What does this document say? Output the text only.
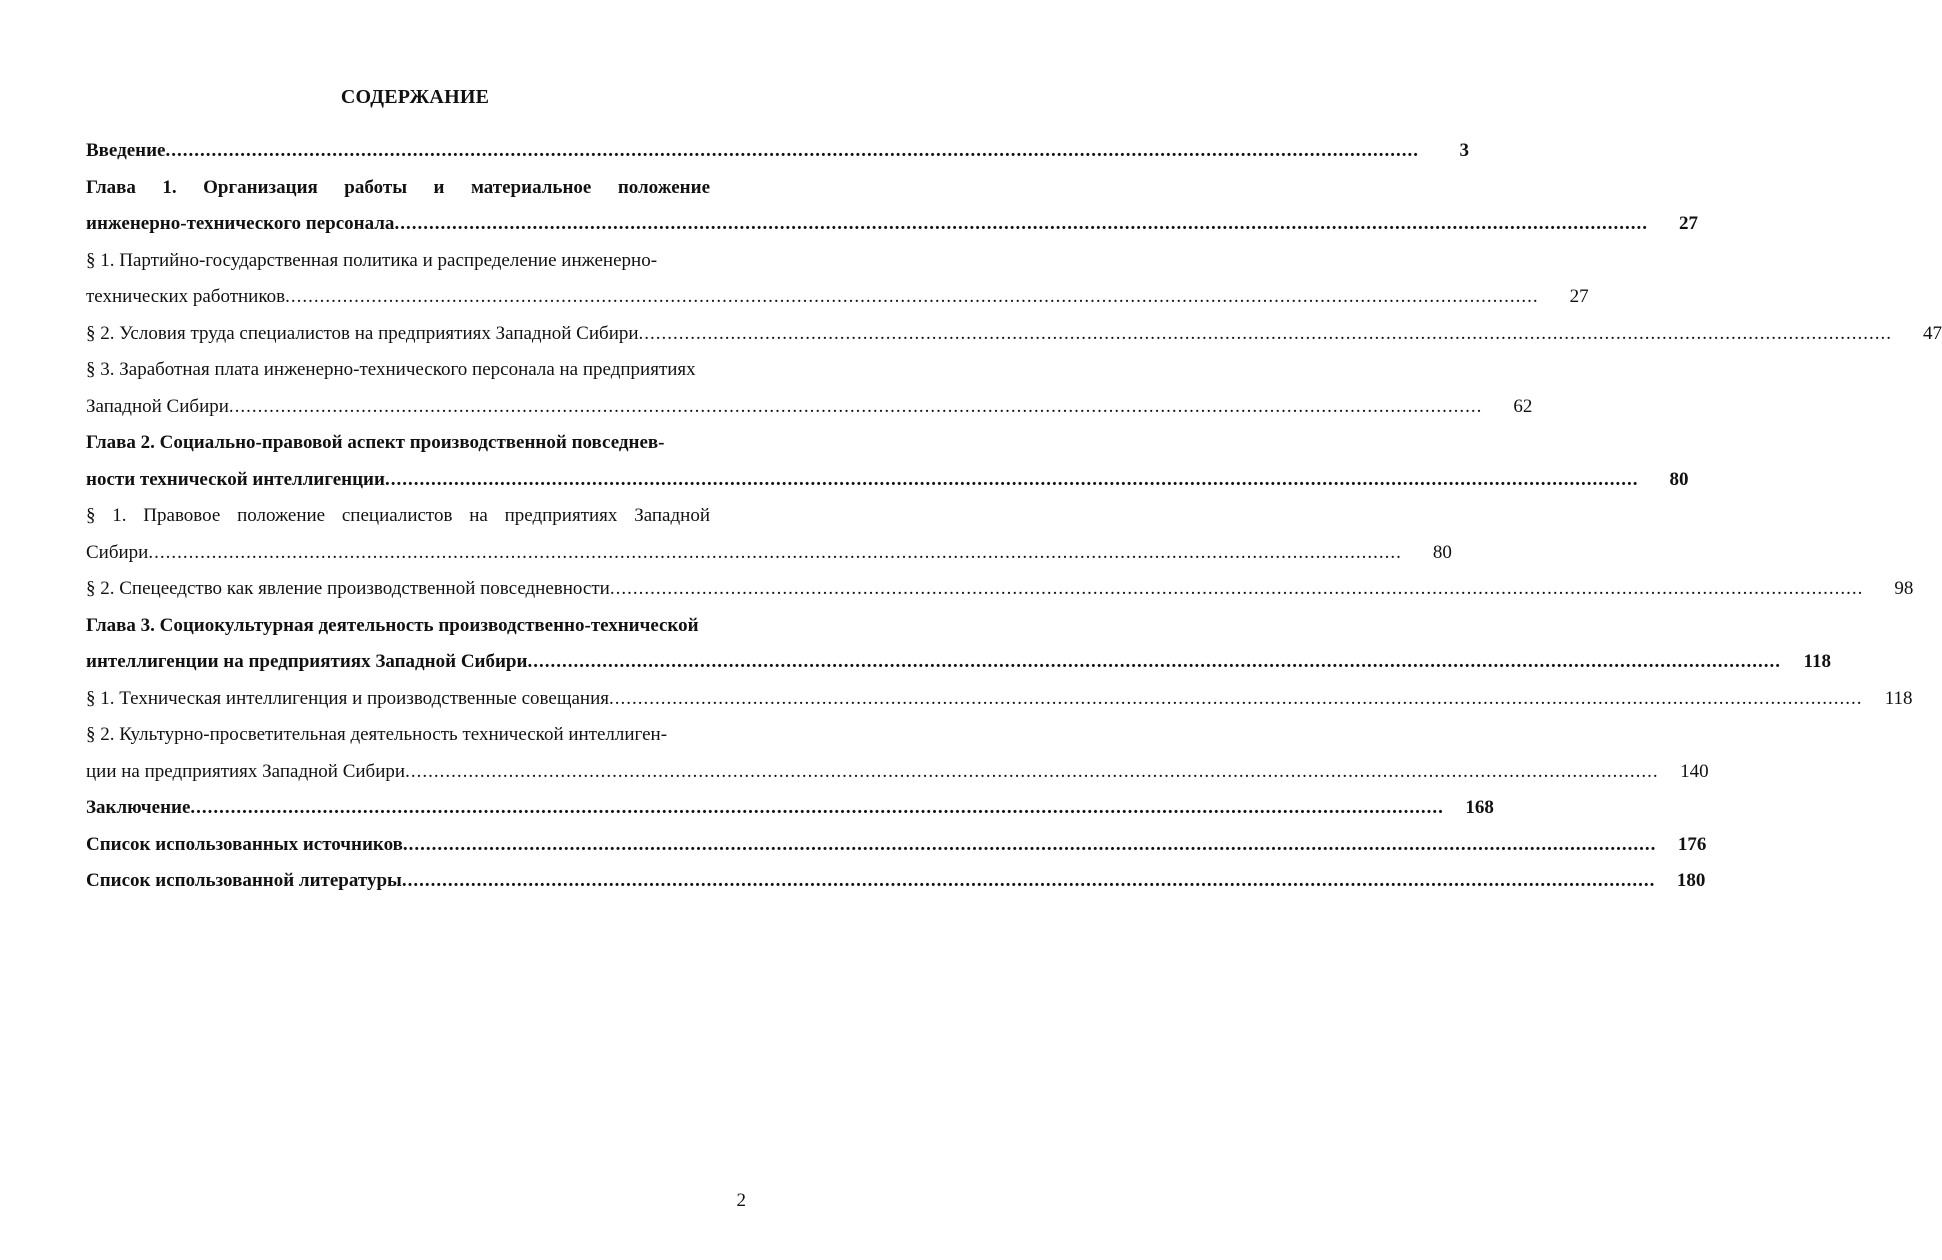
СОДЕРЖАНИЕ
Введение .....	3
Глава 1. Организация работы и материальное положение
инженерно-технического персонала .....	27
§ 1. Партийно-государственная политика и распределение инженерно-
технических работников .....	27
§ 2. Условия труда специалистов на предприятиях Западной Сибири .....	47
§ 3. Заработная плата инженерно-технического персонала на предприятиях
Западной Сибири .....	62
Глава 2. Социально-правовой аспект производственной повседнев-
ности технической интеллигенции .....	80
§ 1. Правовое положение специалистов на предприятиях Западной
Сибири .....	80
§ 2. Спецеедство как явление производственной повседневности .....	98
Глава 3. Социокультурная деятельность производственно-технической
интеллигенции на предприятиях Западной Сибири .....	118
§ 1. Техническая интеллигенция и производственные совещания .....	118
§ 2. Культурно-просветительная деятельность технической интеллиген-
ции на предприятиях Западной Сибири .....	140
Заключение .....	168
Список использованных источников .....	176
Список использованной литературы .....	180
2
